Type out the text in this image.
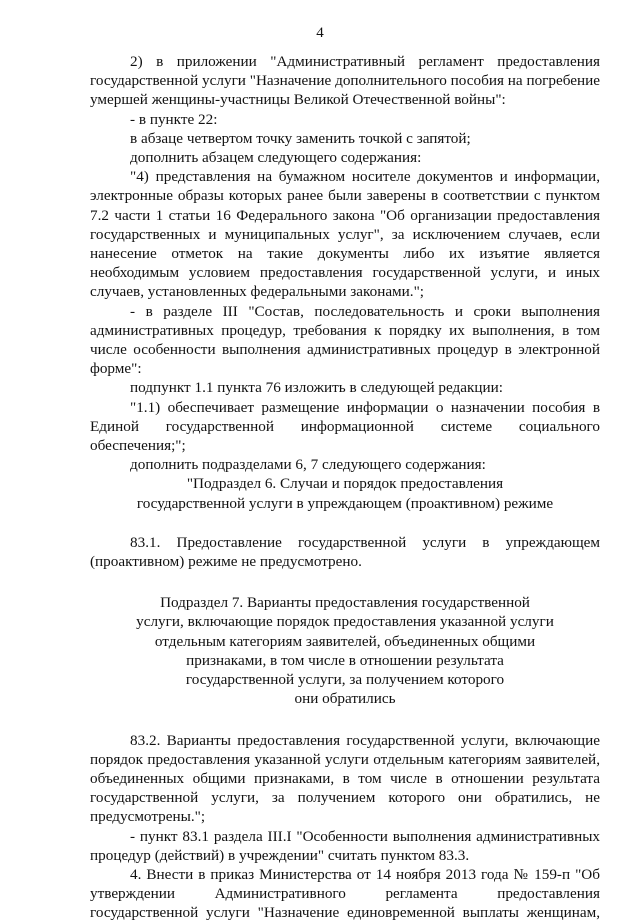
4

2) в приложении "Административный регламент предоставления государственной услуги "Назначение дополнительного пособия на погребение умершей женщины-участницы Великой Отечественной войны":

- в пункте 22:

в абзаце четвертом точку заменить точкой с запятой;

дополнить абзацем следующего содержания:

"4) представления на бумажном носителе документов и информации, электронные образы которых ранее были заверены в соответствии с пунктом 7.2 части 1 статьи 16 Федерального закона "Об организации предоставления государственных и муниципальных услуг", за исключением случаев, если нанесение отметок на такие документы либо их изъятие является необходимым условием предоставления государственной услуги, и иных случаев, установленных федеральными законами.";

- в разделе III "Состав, последовательность и сроки выполнения административных процедур, требования к порядку их выполнения, в том числе особенности выполнения административных процедур в электронной форме":

подпункт 1.1 пункта 76 изложить в следующей редакции:

"1.1) обеспечивает размещение информации о назначении пособия в Единой государственной информационной системе социального обеспечения;";

дополнить подразделами 6, 7 следующего содержания:

"Подраздел 6. Случаи и порядок предоставления

государственной услуги в упреждающем (проактивном) режиме

83.1. Предоставление государственной услуги в упреждающем (проактивном) режиме не предусмотрено.

Подраздел 7. Варианты предоставления государственной

услуги, включающие порядок предоставления указанной услуги

отдельным категориям заявителей, объединенных общими

признаками, в том числе в отношении результата

государственной услуги, за получением которого

они обратились

83.2. Варианты предоставления государственной услуги, включающие порядок предоставления указанной услуги отдельным категориям заявителей, объединенных общими признаками, в том числе в отношении результата государственной услуги, за получением которого они обратились, не предусмотрены.";

- пункт 83.1 раздела III.I "Особенности выполнения административных процедур (действий) в учреждении" считать пунктом 83.3.

4. Внести в приказ Министерства от 14 ноября 2013 года № 159-п "Об утверждении Административного регламента предоставления государственной услуги "Назначение единовременной выплаты женщинам,
